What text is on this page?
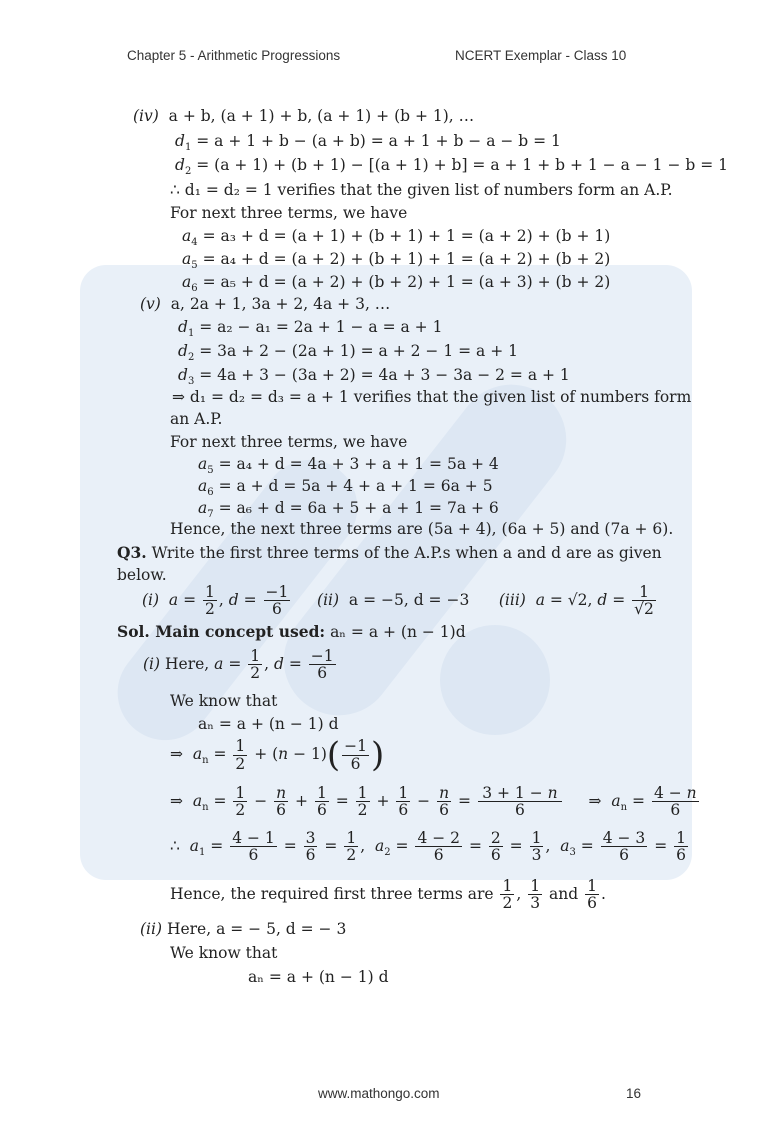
Chapter 5 - Arithmetic Progressions	NCERT Exemplar - Class 10
(iv) a + b, (a + 1) + b, (a + 1) + (b + 1), …
$d_1 = a + 1 + b - (a + b) = a + 1 + b - a - b = 1$
$d_2 = (a + 1) + (b + 1) - [(a + 1) + b] = a + 1 + b + 1 - a - 1 - b = 1$
∴ d₁ = d₂ = 1 verifies that the given list of numbers form an A.P.
For next three terms, we have
$a_4 = a_3 + d = (a + 1) + (b + 1) + 1 = (a + 2) + (b + 1)$
$a_5 = a_4 + d = (a + 2) + (b + 1) + 1 = (a + 2) + (b + 2)$
$a_6 = a_5 + d = (a + 2) + (b + 2) + 1 = (a + 3) + (b + 2)$
(v) a, 2a + 1, 3a + 2, 4a + 3, …
$d_1 = a_2 - a_1 = 2a + 1 - a = a + 1$
$d_2 = 3a + 2 - (2a + 1) = a + 2 - 1 = a + 1$
$d_3 = 4a + 3 - (3a + 2) = 4a + 3 - 3a - 2 = a + 1$
⇒ d₁ = d₂ = d₃ = a + 1 verifies that the given list of numbers form
an A.P.
For next three terms, we have
$a_5 = a_4 + d = 4a + 3 + a + 1 = 5a + 4$
$a_6 = a + d = 5a + 4 + a + 1 = 6a + 5$
$a_7 = a_6 + d = 6a + 5 + a + 1 = 7a + 6$
Hence, the next three terms are (5a + 4), (6a + 5) and (7a + 6).
Q3. Write the first three terms of the A.P.s when a and d are as given
below.
(i) $a = \frac{1}{2}$ , $d = \frac{-1}{6} (ii) a = -5$, d = −3 (iii) a = √2, $d = \frac{1}{√2}$
Sol. Main concept used: aₙ = a + (n − 1)d
(i) Here, $a = \frac{1}{2}$ , $d = \frac{-1}{6}$
We know that
aₙ = a + (n − 1) d
⇒  $a_n = \frac{1}{2} + (n - 1)( \frac{-1}{6}$ )
⇒  $a_n = \frac{1}{2} - \frac{n}{6} + \frac{1}{6} = \frac{1}{2} + \frac{1}{6} - \frac{n}{6} = \frac{3 + 1 - n}{6}$ ⇒  $a_n = \frac{4 - n}{6}$
∴  $a_1 = \frac{4 - 1}{6} = \frac{3}{6} = \frac{1}{2}$ ,  $a_2 = \frac{4 - 2}{6} = \frac{2}{6} = \frac{1}{3}$ ,  $a_3 = \frac{4 - 3}{6} = \frac{1}{6}$
Hence, the required first three terms are $\frac{1}{2}$ , $\frac{1}{3}$ and $\frac{1}{6}$ .
(ii) Here, a = − 5, d = − 3
We know that
aₙ = a + (n − 1) d
www.mathongo.com	16
